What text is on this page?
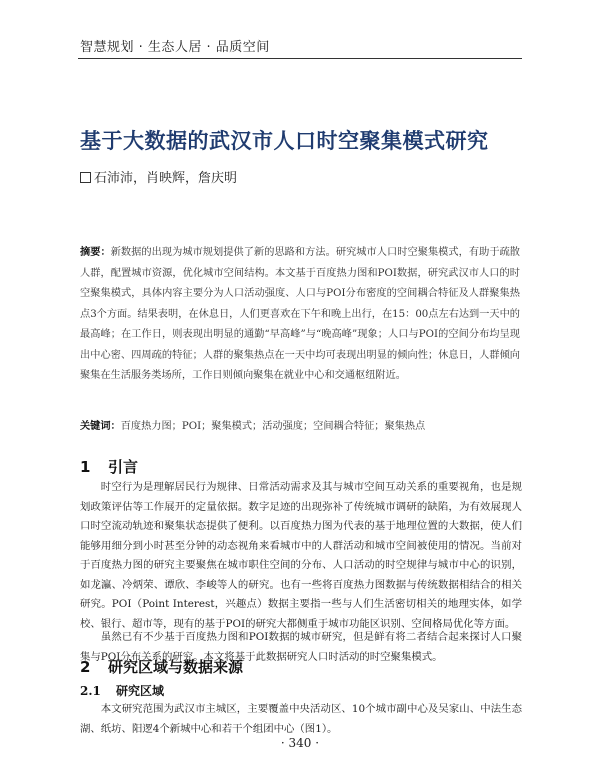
智慧规划 · 生态人居 · 品质空间
基于大数据的武汉市人口时空聚集模式研究
石沛沛，肖映辉，詹庆明
摘要：新数据的出现为城市规划提供了新的思路和方法。研究城市人口时空聚集模式，有助于疏散人群，配置城市资源，优化城市空间结构。本文基于百度热力图和POI数据，研究武汉市人口的时空聚集模式，具体内容主要分为人口活动强度、人口与POI分布密度的空间耦合特征及人群聚集热点3个方面。结果表明，在休息日，人们更喜欢在下午和晚上出行，在15：00点左右达到一天中的最高峰；在工作日，则表现出明显的通勤“早高峰”与“晚高峰”现象；人口与POI的空间分布均呈现出中心密、四周疏的特征；人群的聚集热点在一天中均可表现出明显的倾向性；休息日，人群倾向聚集在生活服务类场所，工作日则倾向聚集在就业中心和交通枢纽附近。
关键词：百度热力图；POI；聚集模式；活动强度；空间耦合特征；聚集热点
1 引言
时空行为是理解居民行为规律、日常活动需求及其与城市空间互动关系的重要视角，也是规划政策评估等工作展开的定量依据。数字足迹的出现弥补了传统城市调研的缺陷，为有效展现人口时空流动轨迹和聚集状态提供了便利。以百度热力图为代表的基于地理位置的大数据，使人们能够用细分到小时甚至分钟的动态视角来看城市中的人群活动和城市空间被使用的情况。当前对于百度热力图的研究主要聚焦在城市职住空间的分布、人口活动的时空规律与城市中心的识别，如龙瀛、冷炳荣、谭欣、李峻等人的研究。也有一些将百度热力图数据与传统数据相结合的相关研究。POI（Point Interest，兴趣点）数据主要指一些与人们生活密切相关的地理实体，如学校、银行、超市等，现有的基于POI的研究大都侧重于城市功能区识别、空间格局优化等方面。
虽然已有不少基于百度热力图和POI数据的城市研究，但是鲜有将二者结合起来探讨人口聚集与POI分布关系的研究。本文将基于此数据研究人口时活动的时空聚集模式。
2 研究区域与数据来源
2.1 研究区域
本文研究范围为武汉市主城区，主要覆盖中央活动区、10个城市副中心及吴家山、中法生态湖、纸坊、阳逻4个新城中心和若干个组团中心（图1）。
· 340 ·
